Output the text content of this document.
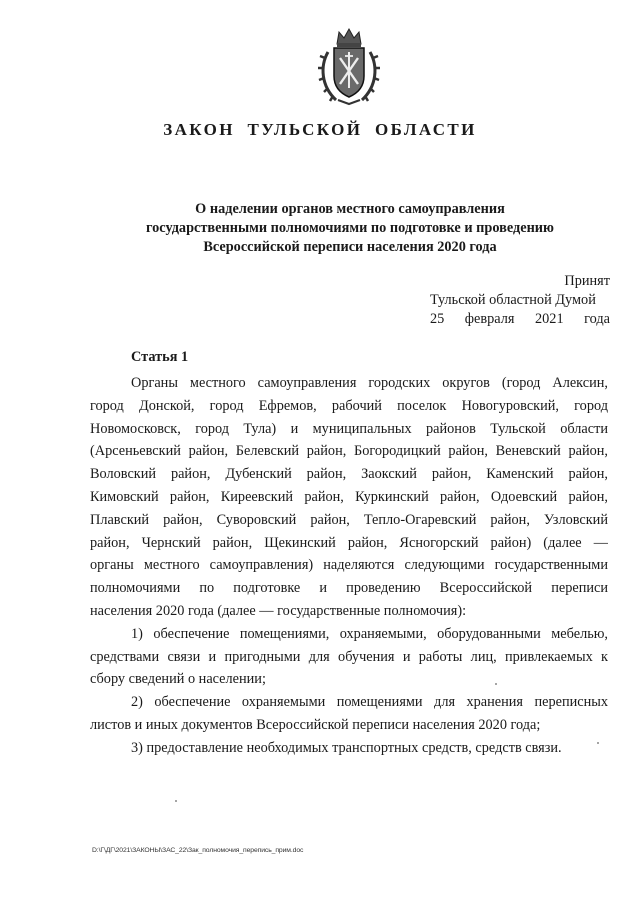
ЗАКОН ТУЛЬСКОЙ ОБЛАСТИ
О наделении органов местного самоуправления
государственными полномочиями по подготовке и проведению
Всероссийской переписи населения 2020 года
Принят
Тульской областной Думой
25 февраля 2021 года
Статья 1
Органы местного самоуправления городских округов (город Алексин,
город Донской, город Ефремов, рабочий поселок Новогуровский, город
Новомосковск, город Тула) и муниципальных районов Тульской области
(Арсеньевский район, Белевский район, Богородицкий район, Веневский район,
Воловский район, Дубенский район, Заокский район, Каменский район,
Кимовский район, Киреевский район, Куркинский район, Одоевский район,
Плавский район, Суворовский район, Тепло-Огаревский район, Узловский
район, Чернский район, Щекинский район, Ясногорский район) (далее —
органы местного самоуправления) наделяются следующими государственными
полномочиями по подготовке и проведению Всероссийской переписи
населения 2020 года (далее — государственные полномочия):
1) обеспечение помещениями, охраняемыми, оборудованными мебелью,
средствами связи и пригодными для обучения и работы лиц, привлекаемых к
сбору сведений о населении;
2) обеспечение охраняемыми помещениями для хранения переписных
листов и иных документов Всероссийской переписи населения 2020 года;
3) предоставление необходимых транспортных средств, средств связи.
D:\Г\ДГ\2021\ЗАКОНЫ\ЗАС_22\Зак_полномочия_перепись_прим.doc
